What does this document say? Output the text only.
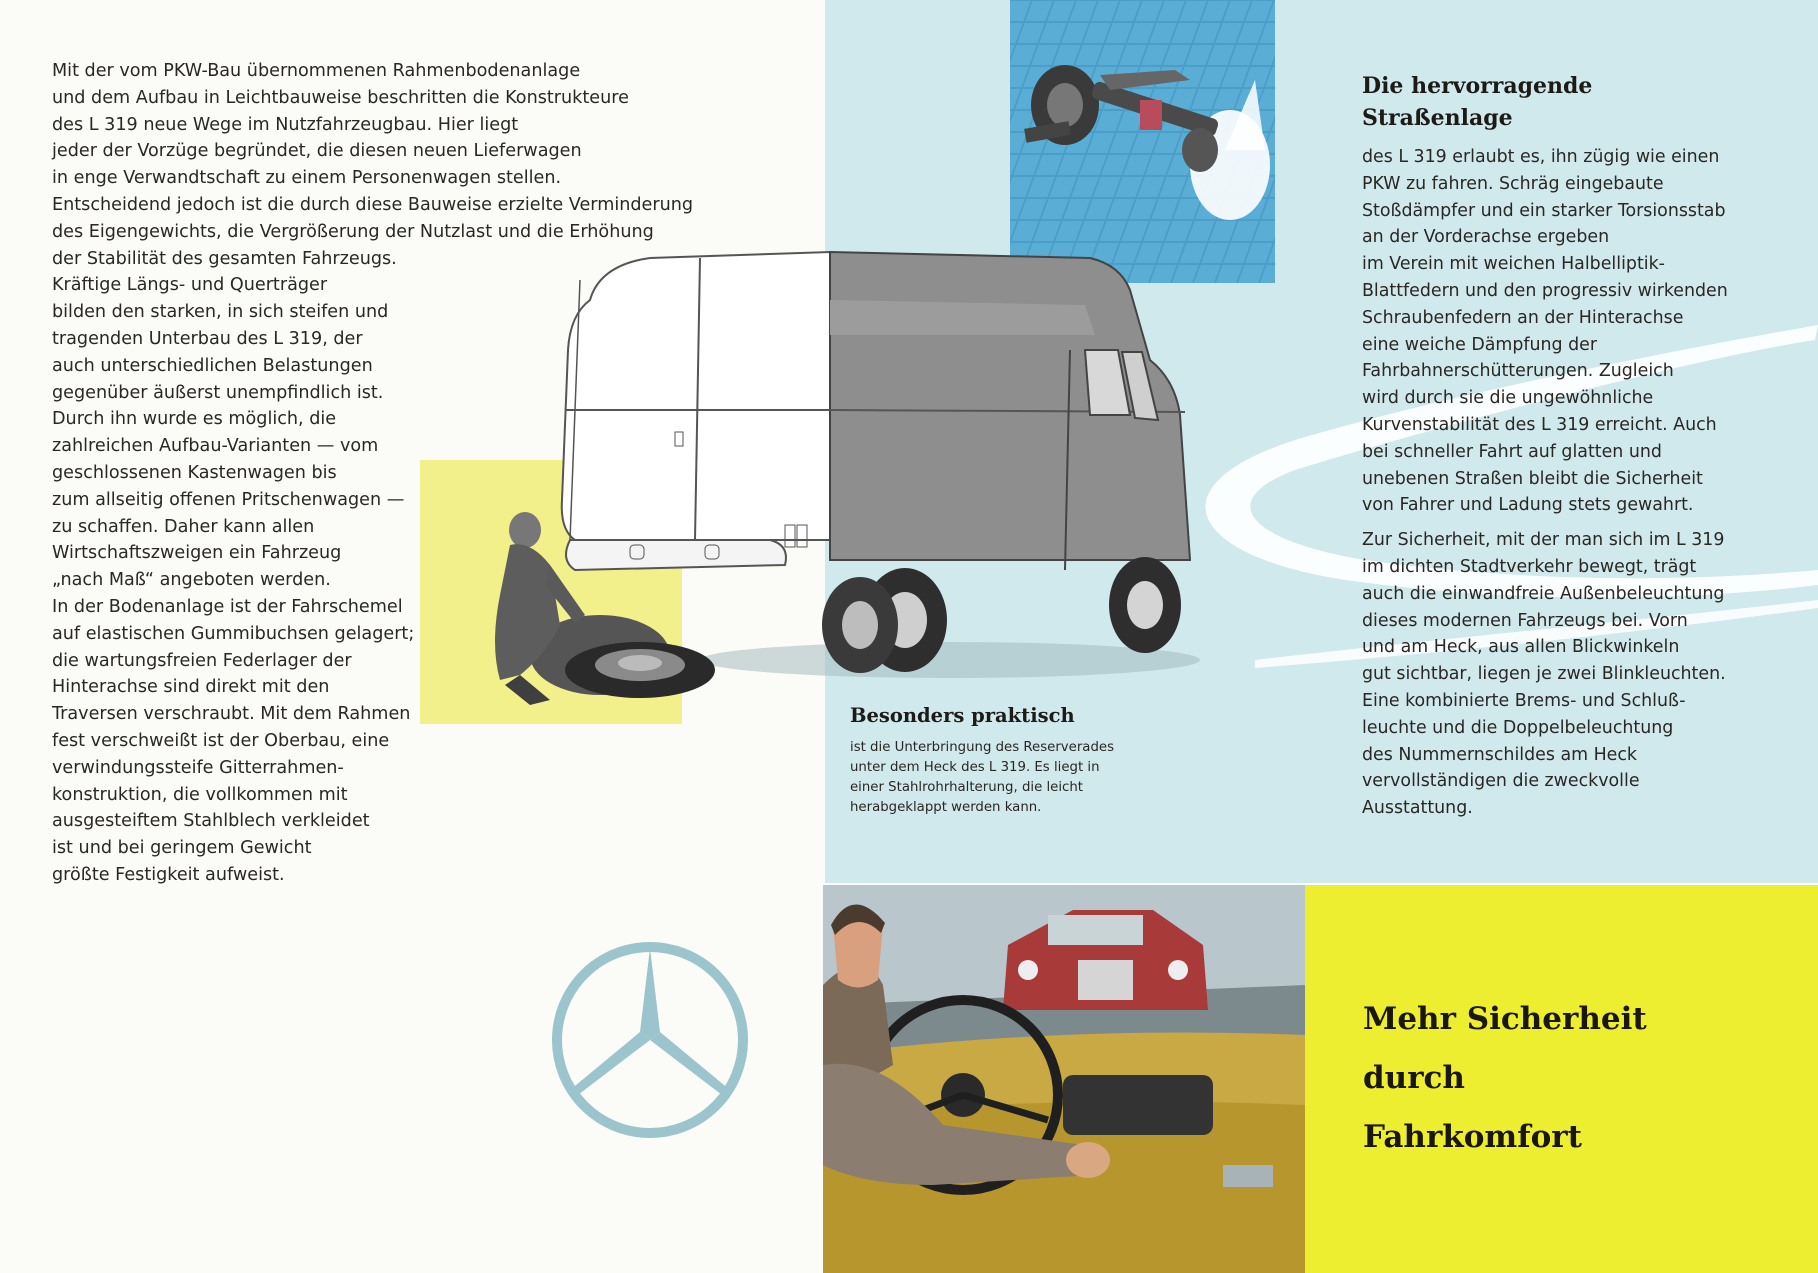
Mit der vom PKW-Bau übernommenen Rahmenbodenanlage
und dem Aufbau in Leichtbauweise beschritten die Konstrukteure
des L 319 neue Wege im Nutzfahrzeugbau. Hier liegt
jeder der Vorzüge begründet, die diesen neuen Lieferwagen
in enge Verwandtschaft zu einem Personenwagen stellen.
Entscheidend jedoch ist die durch diese Bauweise erzielte Verminderung
des Eigengewichts, die Vergrößerung der Nutzlast und die Erhöhung
der Stabilität des gesamten Fahrzeugs.
Kräftige Längs- und Querträger
bilden den starken, in sich steifen und
tragenden Unterbau des L 319, der
auch unterschiedlichen Belastungen
gegenüber äußerst unempfindlich ist.
Durch ihn wurde es möglich, die
zahlreichen Aufbau-Varianten — vom
geschlossenen Kastenwagen bis
zum allseitig offenen Pritschenwagen —
zu schaffen. Daher kann allen
Wirtschaftszweigen ein Fahrzeug
„nach Maß“ angeboten werden.
In der Bodenanlage ist der Fahrschemel
auf elastischen Gummibuchsen gelagert;
die wartungsfreien Federlager der
Hinterachse sind direkt mit den
Traversen verschraubt. Mit dem Rahmen
fest verschweißt ist der Oberbau, eine
verwindungssteife Gitterrahmen-
konstruktion, die vollkommen mit
ausgesteiftem Stahlblech verkleidet
ist und bei geringem Gewicht
größte Festigkeit aufweist.
Die hervorragende
Straßenlage
des L 319 erlaubt es, ihn zügig wie einen
PKW zu fahren. Schräg eingebaute
Stoßdämpfer und ein starker Torsionsstab
an der Vorderachse ergeben
im Verein mit weichen Halbelliptik-
Blattfedern und den progressiv wirkenden
Schraubenfedern an der Hinterachse
eine weiche Dämpfung der
Fahrbahnerschütterungen. Zugleich
wird durch sie die ungewöhnliche
Kurvenstabilität des L 319 erreicht. Auch
bei schneller Fahrt auf glatten und
unebenen Straßen bleibt die Sicherheit
von Fahrer und Ladung stets gewahrt.
Zur Sicherheit, mit der man sich im L 319
im dichten Stadtverkehr bewegt, trägt
auch die einwandfreie Außenbeleuchtung
dieses modernen Fahrzeugs bei. Vorn
und am Heck, aus allen Blickwinkeln
gut sichtbar, liegen je zwei Blinkleuchten.
Eine kombinierte Brems- und Schluß-
leuchte und die Doppelbeleuchtung
des Nummernschildes am Heck
vervollständigen die zweckvolle
Ausstattung.
Besonders praktisch
ist die Unterbringung des Reserverades
unter dem Heck des L 319. Es liegt in
einer Stahlrohrhalterung, die leicht
herabgeklappt werden kann.
Mehr Sicherheit
durch
Fahrkomfort
